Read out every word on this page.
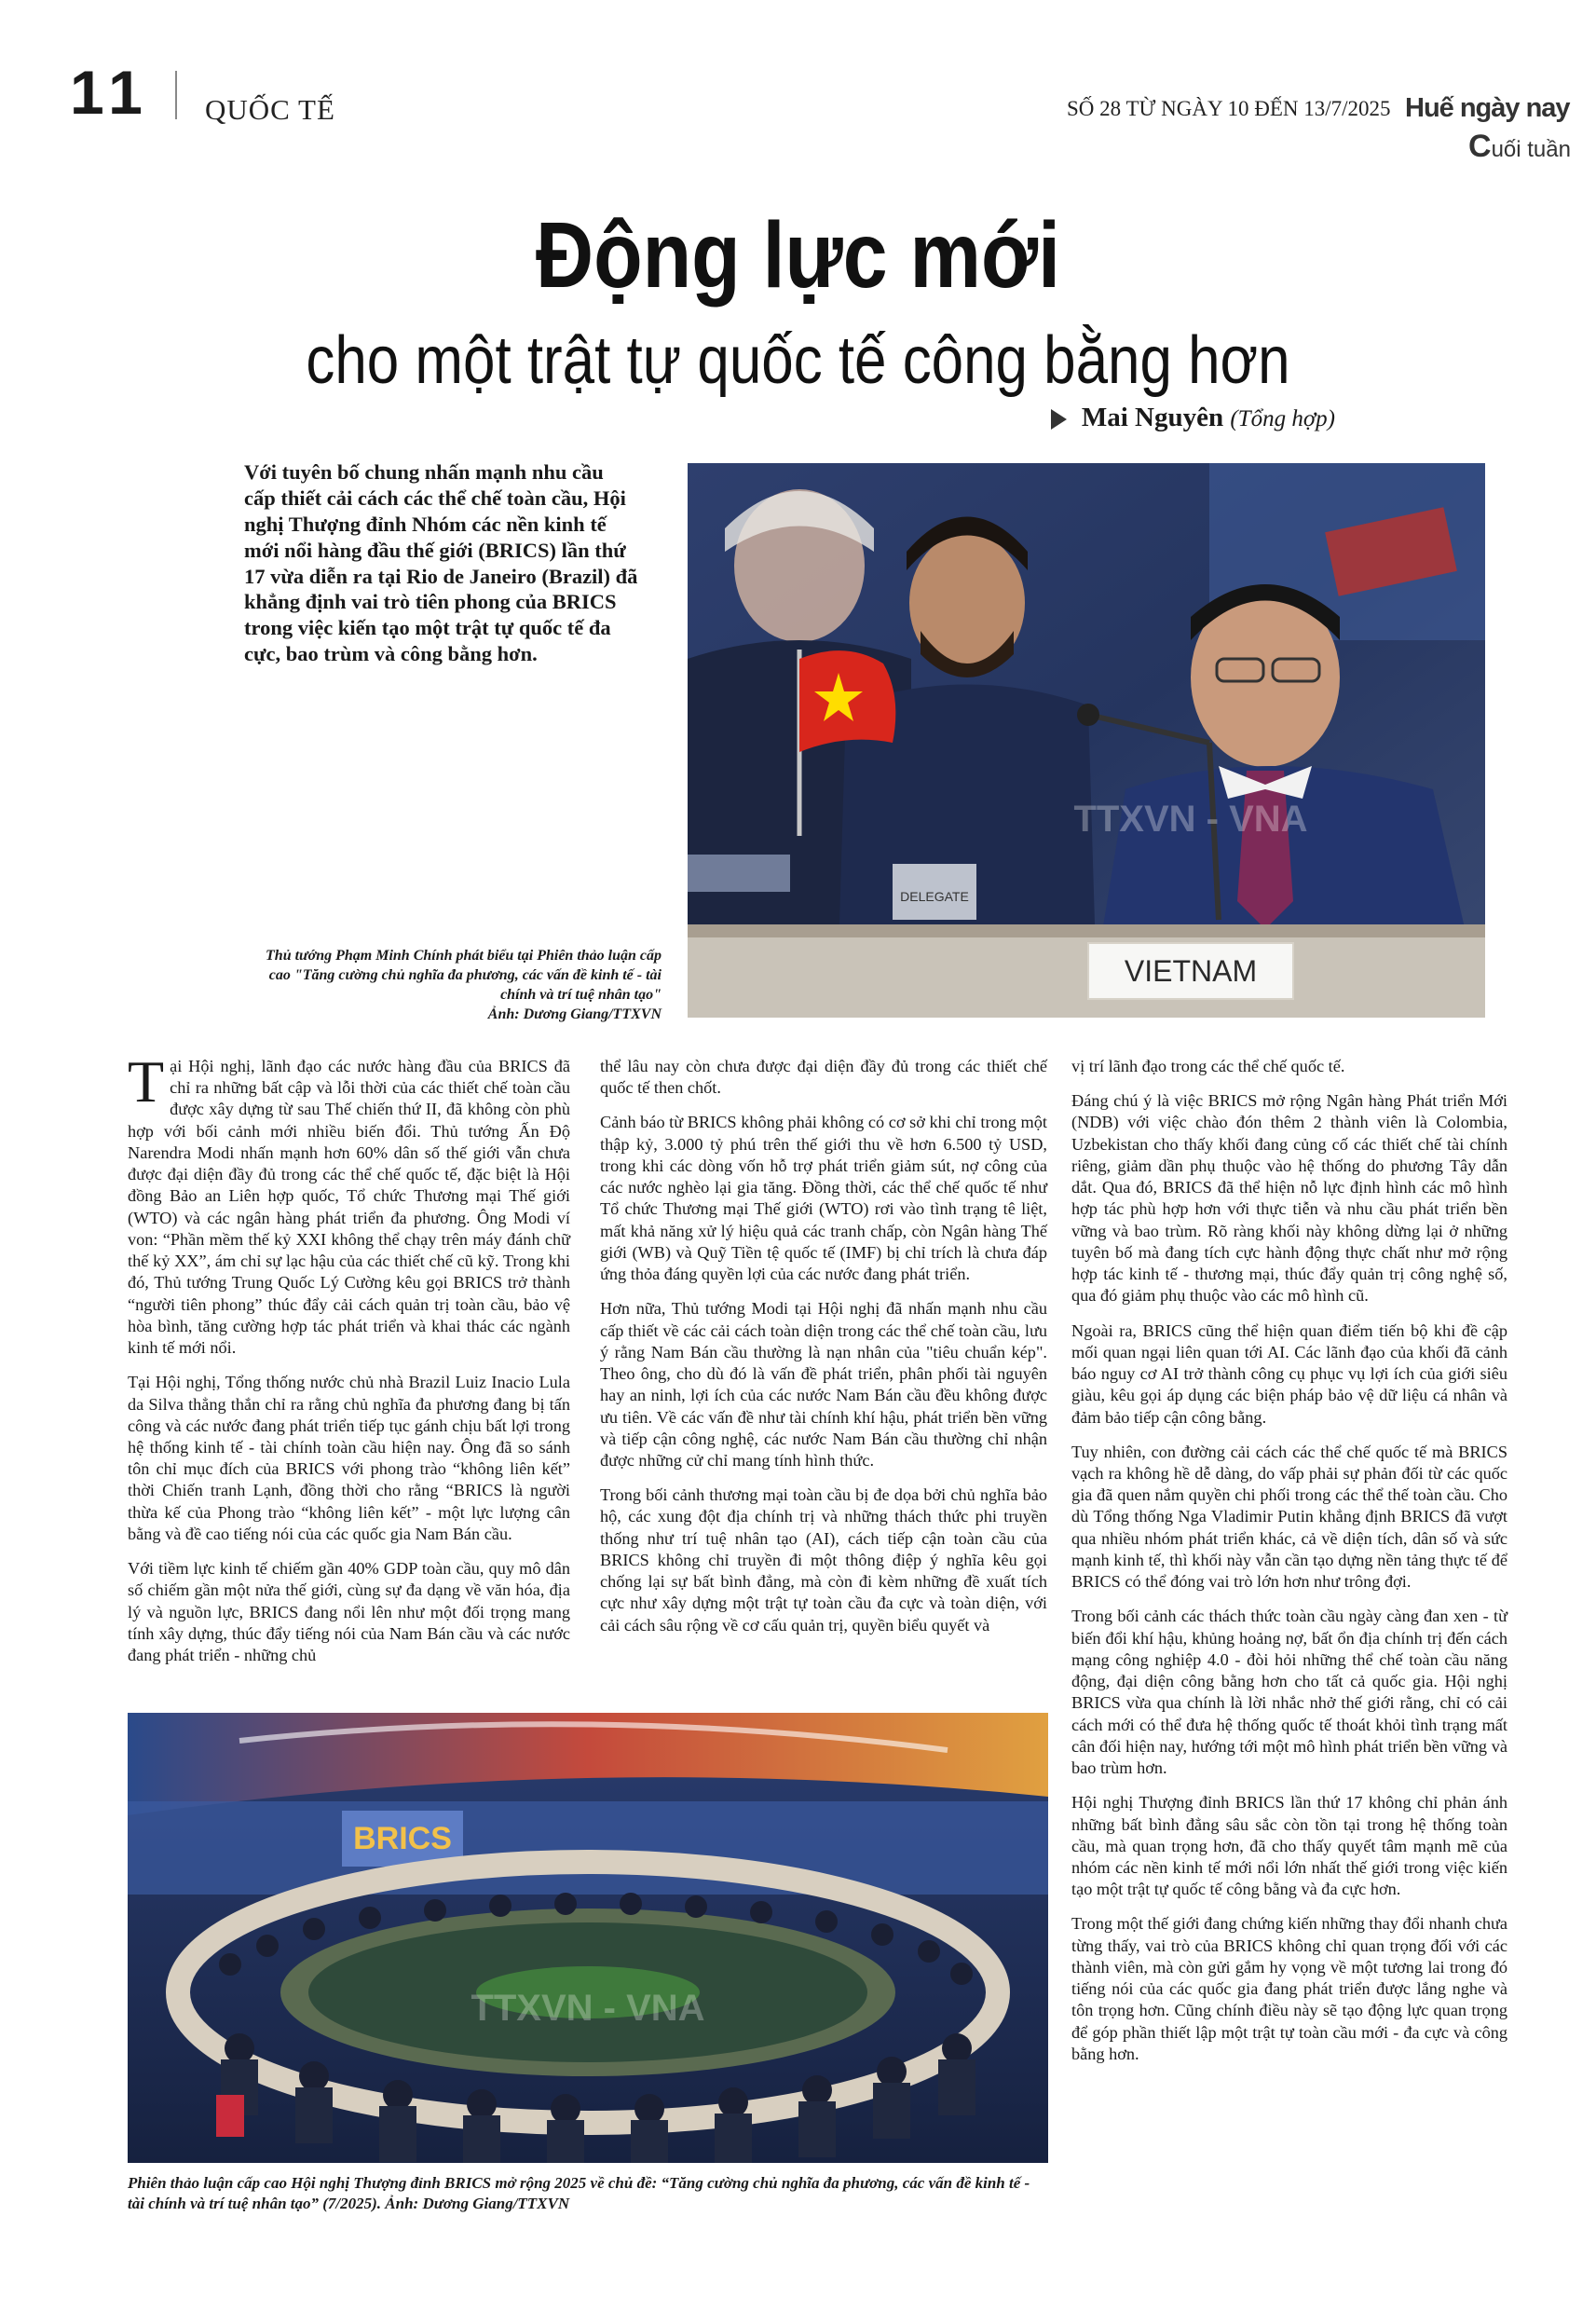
11 QUỐC TẾ	SỐ 28 TỪ NGÀY 10 ĐẾN 13/7/2025 Huế ngày nay
Cuối tuần
Động lực mới
cho một trật tự quốc tế công bằng hơn
Mai Nguyên (Tổng hợp)

Với tuyên bố chung nhấn mạnh nhu cầu cấp thiết cải cách các thể chế toàn cầu, Hội nghị Thượng đỉnh Nhóm các nền kinh tế mới nổi hàng đầu thế giới (BRICS) lần thứ 17 vừa diễn ra tại Rio de Janeiro (Brazil) đã khẳng định vai trò tiên phong của BRICS trong việc kiến tạo một trật tự quốc tế đa cực, bao trùm và công bằng hơn.

VIETNAM
DELEGATE
TTXVN - VNA

Thủ tướng Phạm Minh Chính phát biểu tại Phiên thảo luận cấp cao "Tăng cường chủ nghĩa đa phương, các vấn đề kinh tế - tài chính và trí tuệ nhân tạo"
Ảnh: Dương Giang/TTXVN

Tại Hội nghị, lãnh đạo các nước hàng đầu của BRICS đã chỉ ra những bất cập và lỗi thời của các thiết chế toàn cầu được xây dựng từ sau Thế chiến thứ II, đã không còn phù hợp với bối cảnh mới nhiều biến đổi. Thủ tướng Ấn Độ Narendra Modi nhấn mạnh hơn 60% dân số thế giới vẫn chưa được đại diện đầy đủ trong các thể chế quốc tế, đặc biệt là Hội đồng Bảo an Liên hợp quốc, Tổ chức Thương mại Thế giới (WTO) và các ngân hàng phát triển đa phương. Ông Modi ví von: “Phần mềm thế kỷ XXI không thể chạy trên máy đánh chữ thế kỷ XX”, ám chỉ sự lạc hậu của các thiết chế cũ kỹ. Trong khi đó, Thủ tướng Trung Quốc Lý Cường kêu gọi BRICS trở thành “người tiên phong” thúc đẩy cải cách quản trị toàn cầu, bảo vệ hòa bình, tăng cường hợp tác phát triển và khai thác các ngành kinh tế mới nổi.

Tại Hội nghị, Tổng thống nước chủ nhà Brazil Luiz Inacio Lula da Silva thẳng thắn chỉ ra rằng chủ nghĩa đa phương đang bị tấn công và các nước đang phát triển tiếp tục gánh chịu bất lợi trong hệ thống kinh tế - tài chính toàn cầu hiện nay. Ông đã so sánh tôn chỉ mục đích của BRICS với phong trào “không liên kết” thời Chiến tranh Lạnh, đồng thời cho rằng “BRICS là người thừa kế của Phong trào “không liên kết” - một lực lượng cân bằng và đề cao tiếng nói của các quốc gia Nam Bán cầu.

Với tiềm lực kinh tế chiếm gần 40% GDP toàn cầu, quy mô dân số chiếm gần một nửa thế giới, cùng sự đa dạng về văn hóa, địa lý và nguồn lực, BRICS đang nổi lên như một đối trọng mang tính xây dựng, thúc đẩy tiếng nói của Nam Bán cầu và các nước đang phát triển - những chủ

thể lâu nay còn chưa được đại diện đầy đủ trong các thiết chế quốc tế then chốt.

Cảnh báo từ BRICS không phải không có cơ sở khi chỉ trong một thập kỷ, 3.000 tỷ phú trên thế giới thu về hơn 6.500 tỷ USD, trong khi các dòng vốn hỗ trợ phát triển giảm sút, nợ công của các nước nghèo lại gia tăng. Đồng thời, các thể chế quốc tế như Tổ chức Thương mại Thế giới (WTO) rơi vào tình trạng tê liệt, mất khả năng xử lý hiệu quả các tranh chấp, còn Ngân hàng Thế giới (WB) và Quỹ Tiền tệ quốc tế (IMF) bị chỉ trích là chưa đáp ứng thỏa đáng quyền lợi của các nước đang phát triển.

Hơn nữa, Thủ tướng Modi tại Hội nghị đã nhấn mạnh nhu cầu cấp thiết về các cải cách toàn diện trong các thể chế toàn cầu, lưu ý rằng Nam Bán cầu thường là nạn nhân của "tiêu chuẩn kép". Theo ông, cho dù đó là vấn đề phát triển, phân phối tài nguyên hay an ninh, lợi ích của các nước Nam Bán cầu đều không được ưu tiên. Về các vấn đề như tài chính khí hậu, phát triển bền vững và tiếp cận công nghệ, các nước Nam Bán cầu thường chỉ nhận được những cử chỉ mang tính hình thức.

Trong bối cảnh thương mại toàn cầu bị đe dọa bởi chủ nghĩa bảo hộ, các xung đột địa chính trị và những thách thức phi truyền thống như trí tuệ nhân tạo (AI), cách tiếp cận toàn cầu của BRICS không chỉ truyền đi một thông điệp ý nghĩa kêu gọi chống lại sự bất bình đẳng, mà còn đi kèm những đề xuất tích cực như xây dựng một trật tự toàn cầu đa cực và toàn diện, với cải cách sâu rộng về cơ cấu quản trị, quyền biểu quyết và

vị trí lãnh đạo trong các thể chế quốc tế.

Đáng chú ý là việc BRICS mở rộng Ngân hàng Phát triển Mới (NDB) với việc chào đón thêm 2 thành viên là Colombia, Uzbekistan cho thấy khối đang củng cố các thiết chế tài chính riêng, giảm dần phụ thuộc vào hệ thống do phương Tây dẫn dắt. Qua đó, BRICS đã thể hiện nỗ lực định hình các mô hình hợp tác phù hợp hơn với thực tiễn và nhu cầu phát triển bền vững và bao trùm. Rõ ràng khối này không dừng lại ở những tuyên bố mà đang tích cực hành động thực chất như mở rộng hợp tác kinh tế - thương mại, thúc đẩy quản trị công nghệ số, qua đó giảm phụ thuộc vào các mô hình cũ.

Ngoài ra, BRICS cũng thể hiện quan điểm tiến bộ khi đề cập mối quan ngại liên quan tới AI. Các lãnh đạo của khối đã cảnh báo nguy cơ AI trở thành công cụ phục vụ lợi ích của giới siêu giàu, kêu gọi áp dụng các biện pháp bảo vệ dữ liệu cá nhân và đảm bảo tiếp cận công bằng.

Tuy nhiên, con đường cải cách các thể chế quốc tế mà BRICS vạch ra không hề dễ dàng, do vấp phải sự phản đối từ các quốc gia đã quen nắm quyền chi phối trong các thể thế toàn cầu. Cho dù Tổng thống Nga Vladimir Putin khẳng định BRICS đã vượt qua nhiều nhóm phát triển khác, cả về diện tích, dân số và sức mạnh kinh tế, thì khối này vẫn cần tạo dựng nền tảng thực tế để BRICS có thể đóng vai trò lớn hơn như trông đợi.

Trong bối cảnh các thách thức toàn cầu ngày càng đan xen - từ biến đổi khí hậu, khủng hoảng nợ, bất ổn địa chính trị đến cách mạng công nghiệp 4.0 - đòi hỏi những thể chế toàn cầu năng động, đại diện công bằng hơn cho tất cả quốc gia. Hội nghị BRICS vừa qua chính là lời nhắc nhở thế giới rằng, chỉ có cải cách mới có thể đưa hệ thống quốc tế thoát khỏi tình trạng mất cân đối hiện nay, hướng tới một mô hình phát triển bền vững và bao trùm hơn.

Hội nghị Thượng đỉnh BRICS lần thứ 17 không chỉ phản ánh những bất bình đẳng sâu sắc còn tồn tại trong hệ thống toàn cầu, mà quan trọng hơn, đã cho thấy quyết tâm mạnh mẽ của nhóm các nền kinh tế mới nổi lớn nhất thế giới trong việc kiến tạo một trật tự quốc tế công bằng và đa cực hơn.

Trong một thế giới đang chứng kiến những thay đổi nhanh chưa từng thấy, vai trò của BRICS không chỉ quan trọng đối với các thành viên, mà còn gửi gắm hy vọng về một tương lai trong đó tiếng nói của các quốc gia đang phát triển được lắng nghe và tôn trọng hơn. Cũng chính điều này sẽ tạo động lực quan trọng để góp phần thiết lập một trật tự toàn cầu mới - đa cực và công bằng hơn.

BRICS
TTXVN - VNA

Phiên thảo luận cấp cao Hội nghị Thượng đỉnh BRICS mở rộng 2025 về chủ đề: “Tăng cường chủ nghĩa đa phương, các vấn đề kinh tế - tài chính và trí tuệ nhân tạo” (7/2025). Ảnh: Dương Giang/TTXVN
